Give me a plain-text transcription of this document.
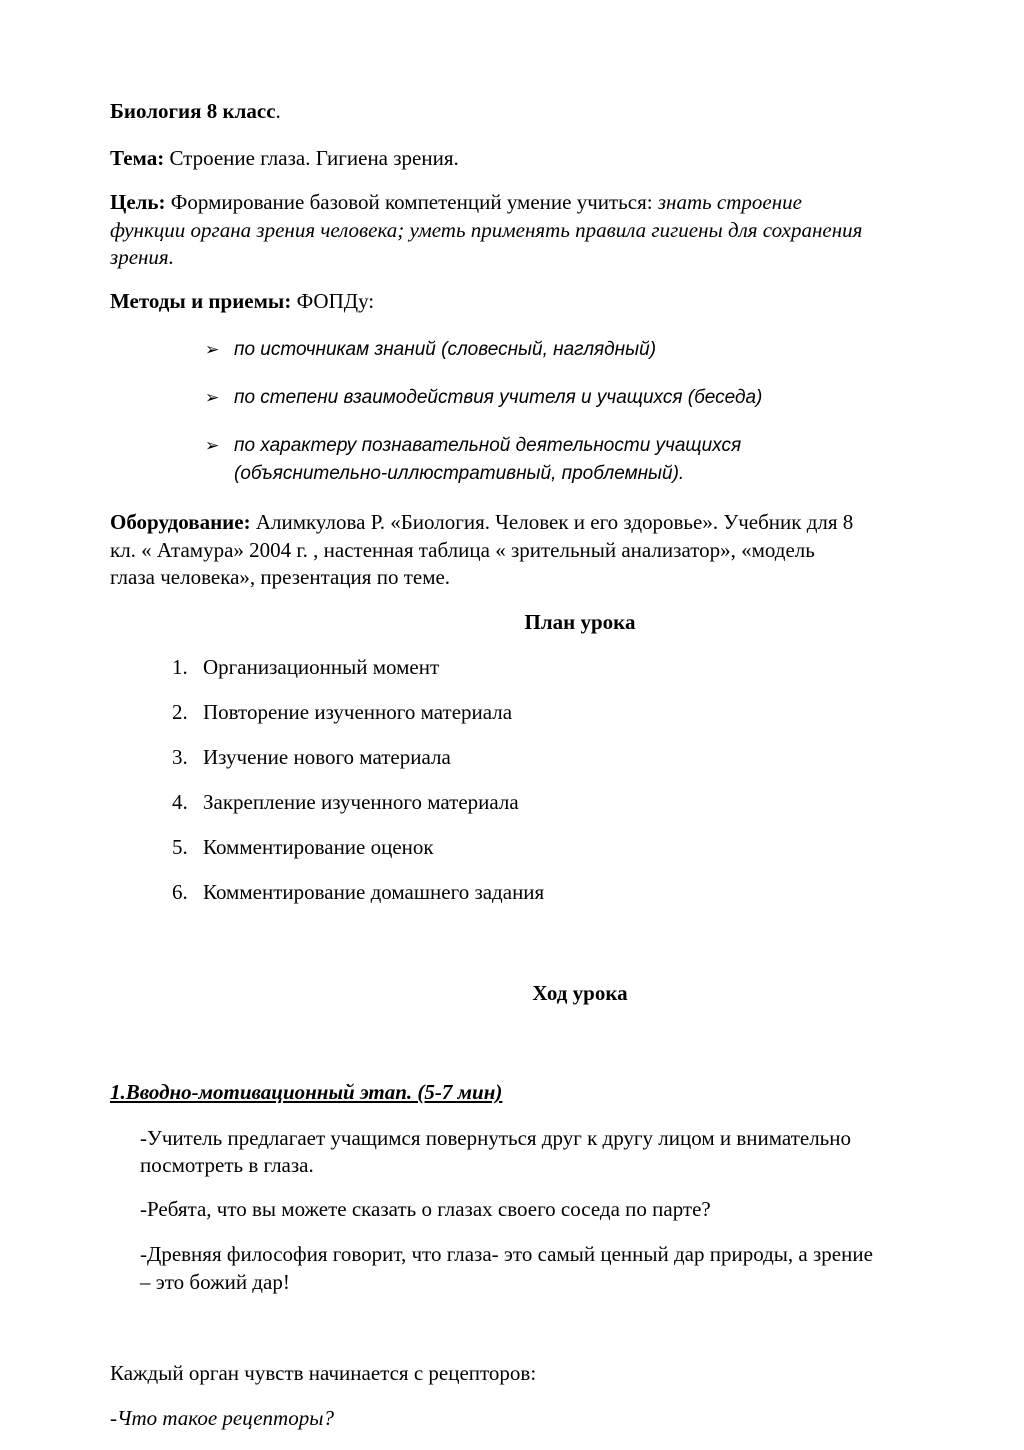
Биология 8 класс.
Тема: Строение глаза. Гигиена зрения.
Цель: Формирование базовой компетенций умение учиться: знать строение
функции органа зрения человека; уметь применять правила гигиены для сохранения
зрения.
Методы и приемы: ФОПДу:
➢ по источникам знаний (словесный, наглядный)
➢ по степени взаимодействия учителя и учащихся (беседа)
➢ по характеру познавательной деятельности учащихся
(объяснительно-иллюстративный, проблемный).
Оборудование: Алимкулова Р. «Биология. Человек и его здоровье». Учебник для 8
кл. « Атамура» 2004 г. , настенная таблица « зрительный анализатор», «модель
глаза человека», презентация по теме.
План урока
1. Организационный момент
2. Повторение изученного материала
3. Изучение нового материала
4. Закрепление изученного материала
5. Комментирование оценок
6. Комментирование домашнего задания
Ход урока
1.Вводно-мотивационный этап. (5-7 мин)
-Учитель предлагает учащимся повернуться друг к другу лицом и внимательно
посмотреть в глаза.
-Ребята, что вы можете сказать о глазах своего соседа по парте?
-Древняя философия говорит, что глаза- это самый ценный дар природы, а зрение
– это божий дар!
Каждый орган чувств начинается с рецепторов:
-Что такое рецепторы?
